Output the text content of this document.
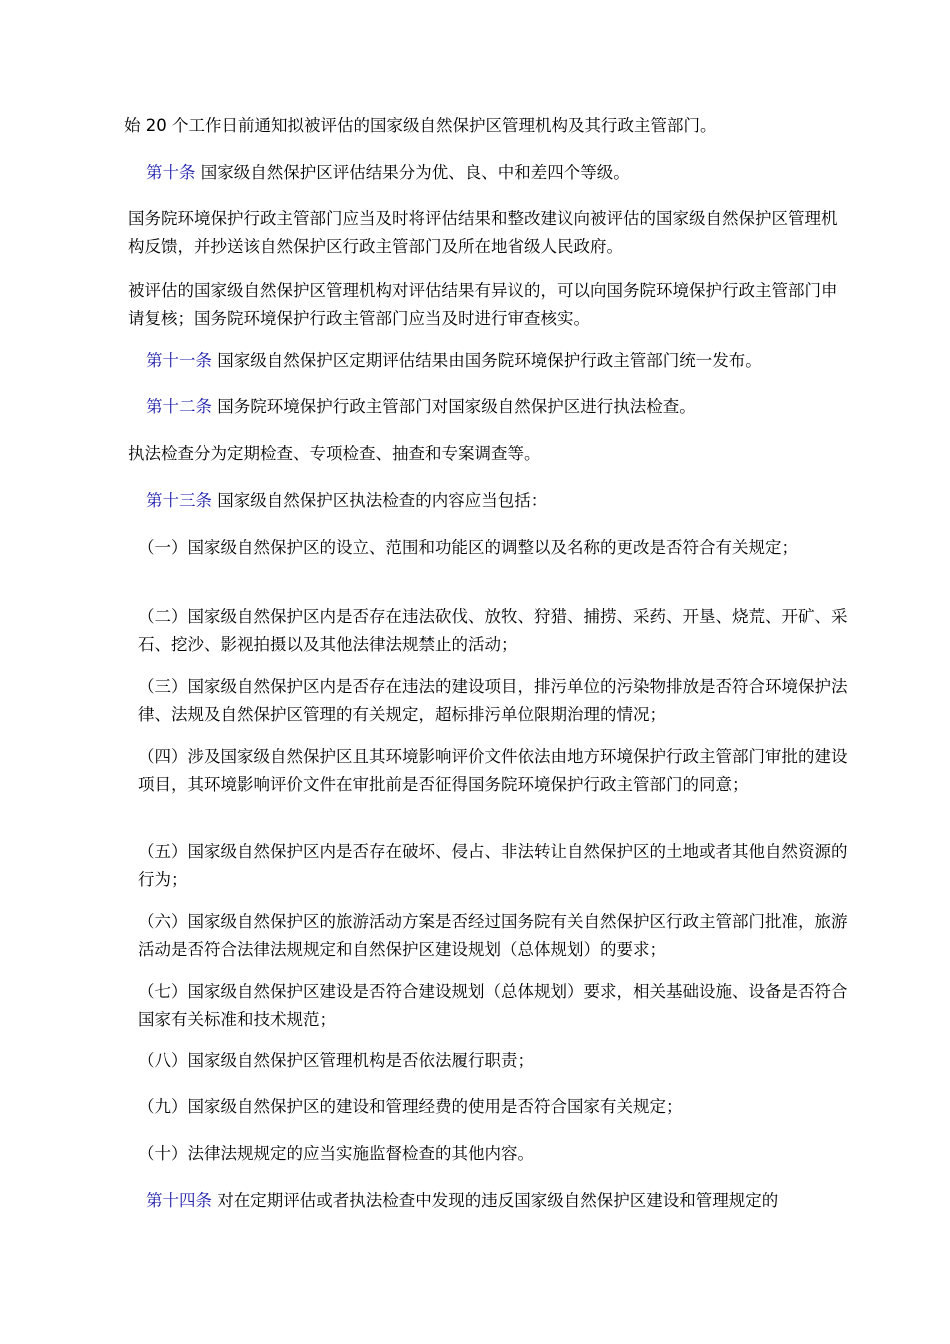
始 20 个工作日前通知拟被评估的国家级自然保护区管理机构及其行政主管部门。

第十条 国家级自然保护区评估结果分为优、良、中和差四个等级。

国务院环境保护行政主管部门应当及时将评估结果和整改建议向被评估的国家级自然保护区管理机构反馈，并抄送该自然保护区行政主管部门及所在地省级人民政府。

被评估的国家级自然保护区管理机构对评估结果有异议的，可以向国务院环境保护行政主管部门申请复核；国务院环境保护行政主管部门应当及时进行审查核实。

第十一条 国家级自然保护区定期评估结果由国务院环境保护行政主管部门统一发布。

第十二条 国务院环境保护行政主管部门对国家级自然保护区进行执法检查。

执法检查分为定期检查、专项检查、抽查和专案调查等。

第十三条 国家级自然保护区执法检查的内容应当包括：

（一）国家级自然保护区的设立、范围和功能区的调整以及名称的更改是否符合有关规定；

（二）国家级自然保护区内是否存在违法砍伐、放牧、狩猎、捕捞、采药、开垦、烧荒、开矿、采石、挖沙、影视拍摄以及其他法律法规禁止的活动；

（三）国家级自然保护区内是否存在违法的建设项目，排污单位的污染物排放是否符合环境保护法律、法规及自然保护区管理的有关规定，超标排污单位限期治理的情况；

（四）涉及国家级自然保护区且其环境影响评价文件依法由地方环境保护行政主管部门审批的建设项目，其环境影响评价文件在审批前是否征得国务院环境保护行政主管部门的同意；

（五）国家级自然保护区内是否存在破坏、侵占、非法转让自然保护区的土地或者其他自然资源的行为；

（六）国家级自然保护区的旅游活动方案是否经过国务院有关自然保护区行政主管部门批准，旅游活动是否符合法律法规规定和自然保护区建设规划（总体规划）的要求；

（七）国家级自然保护区建设是否符合建设规划（总体规划）要求，相关基础设施、设备是否符合国家有关标准和技术规范；

（八）国家级自然保护区管理机构是否依法履行职责；

（九）国家级自然保护区的建设和管理经费的使用是否符合国家有关规定；

（十）法律法规规定的应当实施监督检查的其他内容。

第十四条 对在定期评估或者执法检查中发现的违反国家级自然保护区建设和管理规定的
